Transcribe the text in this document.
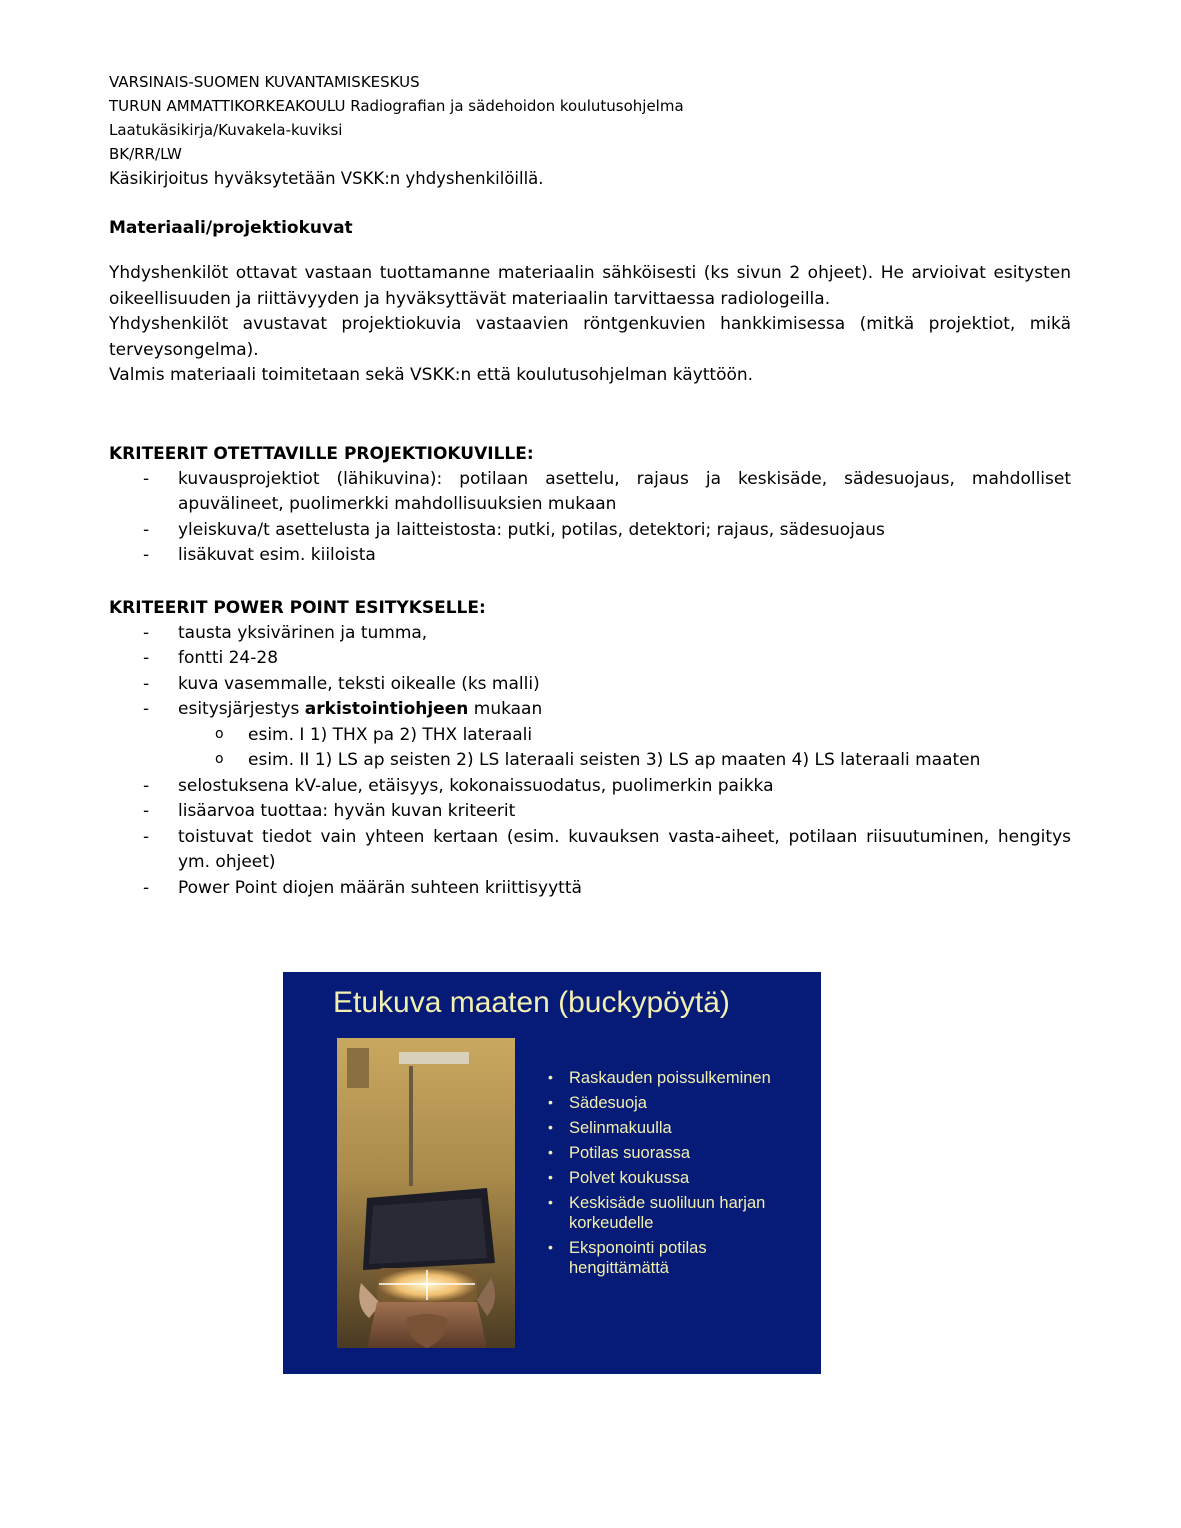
VARSINAIS-SUOMEN KUVANTAMISKESKUS
TURUN AMMATTIKORKEAKOULU Radiografian ja sädehoidon koulutusohjelma
Laatukäsikirja/Kuvakela-kuviksi
BK/RR/LW
Käsikirjoitus hyväksytetään VSKK:n yhdyshenkilöillä.
Materiaali/projektiokuvat

Yhdyshenkilöt ottavat vastaan tuottamanne materiaalin sähköisesti (ks sivun 2 ohjeet). He arvioivat esitysten oikeellisuuden ja riittävyyden ja hyväksyttävät materiaalin tarvittaessa radiologeilla.

Yhdyshenkilöt avustavat projektiokuvia vastaavien röntgenkuvien hankkimisessa (mitkä projektiot, mikä terveysongelma).

Valmis materiaali toimitetaan sekä VSKK:n että koulutusohjelman käyttöön.

KRITEERIT OTETTAVILLE PROJEKTIOKUVILLE:
- kuvausprojektiot (lähikuvina): potilaan asettelu, rajaus ja keskisäde, sädesuojaus, mahdolliset apuvälineet, puolimerkki mahdollisuuksien mukaan
- yleiskuva/t asettelusta ja laitteistosta: putki, potilas, detektori; rajaus, sädesuojaus
- lisäkuvat esim. kiiloista
KRITEERIT POWER POINT ESITYKSELLE:
- tausta yksivärinen ja tumma,
- fontti 24-28
- kuva vasemmalle, teksti oikealle (ks malli)
- esitysjärjestys arkistointiohjeen mukaan
o esim. I 1) THX pa 2) THX lateraali
o esim. II 1) LS ap seisten 2) LS lateraali seisten 3) LS ap maaten 4) LS lateraali maaten
- selostuksena kV-alue, etäisyys, kokonaissuodatus, puolimerkin paikka
- lisäarvoa tuottaa: hyvän kuvan kriteerit
- toistuvat tiedot vain yhteen kertaan (esim. kuvauksen vasta-aiheet, potilaan riisuutuminen, hengitys ym. ohjeet)
- Power Point diojen määrän suhteen kriittisyyttä
Etukuva maaten (buckypöytä)
• Raskauden poissulkeminen
• Sädesuoja
• Selinmakuulla
• Potilas suorassa
• Polvet koukussa
• Keskisäde suoliluun harjan korkeudelle
• Eksponointi potilas hengittämättä
